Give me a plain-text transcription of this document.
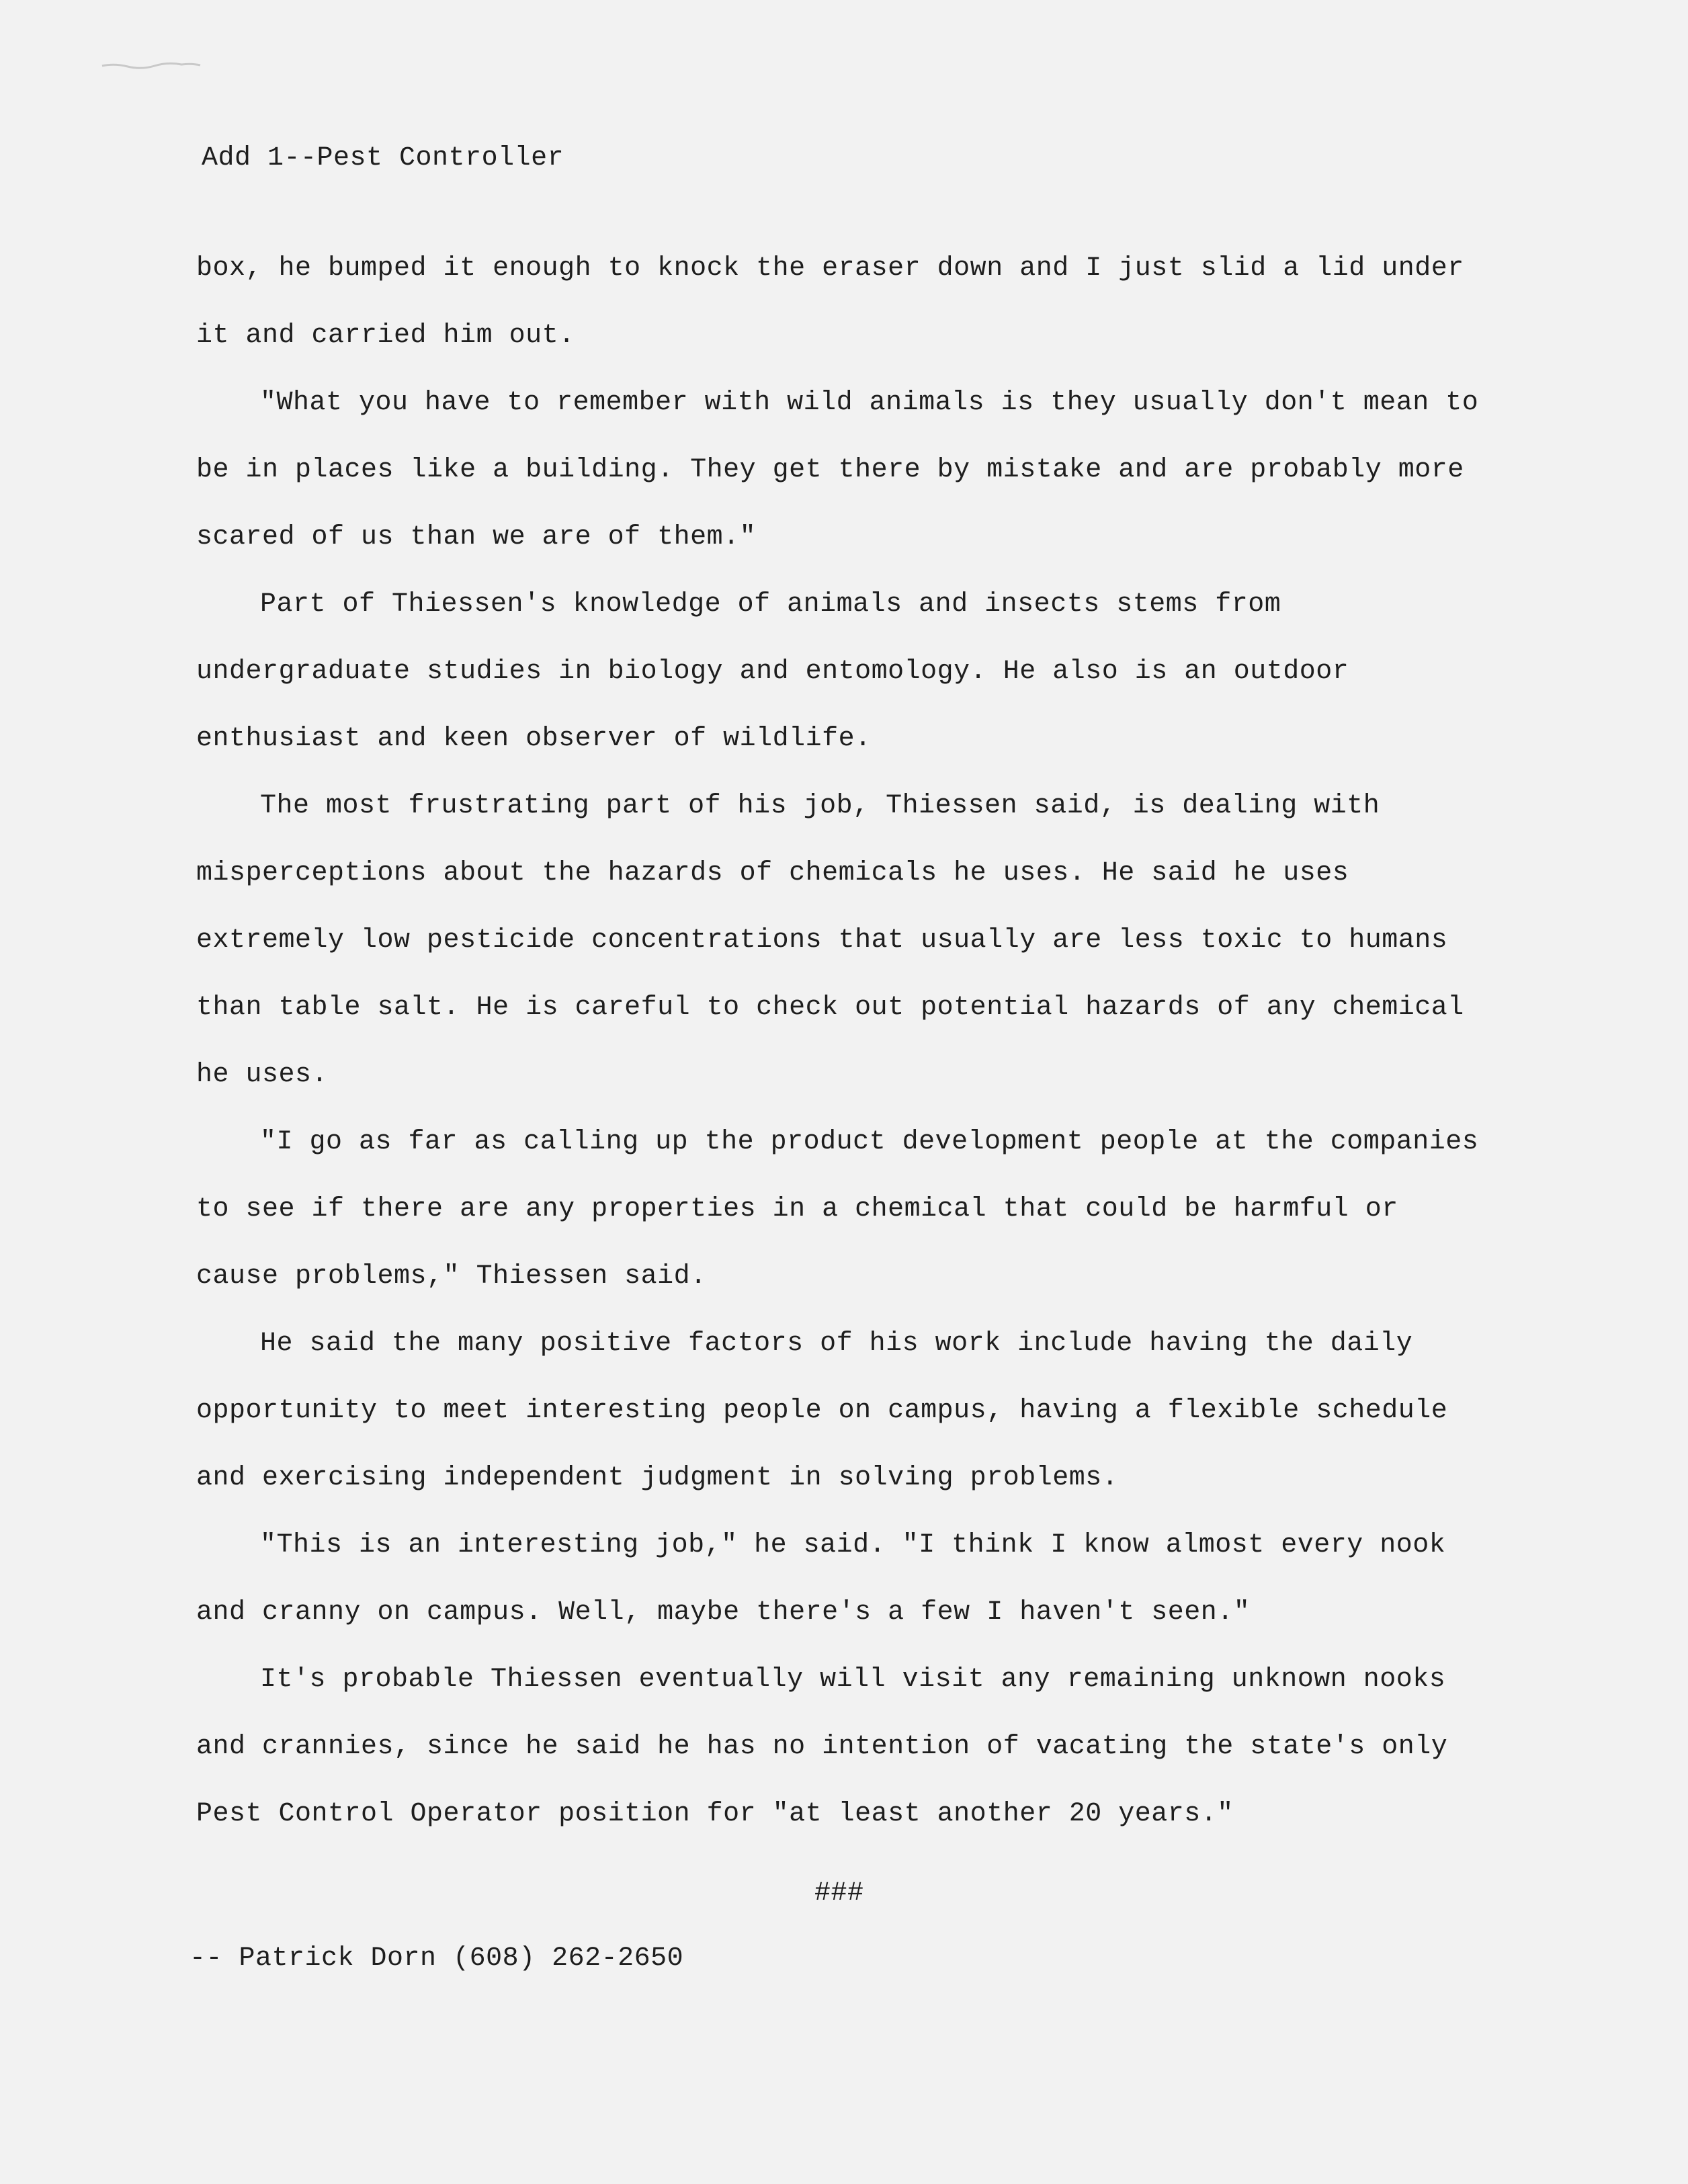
Add 1--Pest Controller

box, he bumped it enough to knock the eraser down and I just slid a lid under

it and carried him out.

"What you have to remember with wild animals is they usually don't mean to

be in places like a building. They get there by mistake and are probably more

scared of us than we are of them."

Part of Thiessen's knowledge of animals and insects stems from

undergraduate studies in biology and entomology. He also is an outdoor

enthusiast and keen observer of wildlife.

The most frustrating part of his job, Thiessen said, is dealing with

misperceptions about the hazards of chemicals he uses. He said he uses

extremely low pesticide concentrations that usually are less toxic to humans

than table salt. He is careful to check out potential hazards of any chemical

he uses.

"I go as far as calling up the product development people at the companies

to see if there are any properties in a chemical that could be harmful or

cause problems," Thiessen said.

He said the many positive factors of his work include having the daily

opportunity to meet interesting people on campus, having a flexible schedule

and exercising independent judgment in solving problems.

"This is an interesting job," he said. "I think I know almost every nook

and cranny on campus. Well, maybe there's a few I haven't seen."

It's probable Thiessen eventually will visit any remaining unknown nooks

and crannies, since he said he has no intention of vacating the state's only

Pest Control Operator position for "at least another 20 years."

###
-- Patrick Dorn (608) 262-2650
